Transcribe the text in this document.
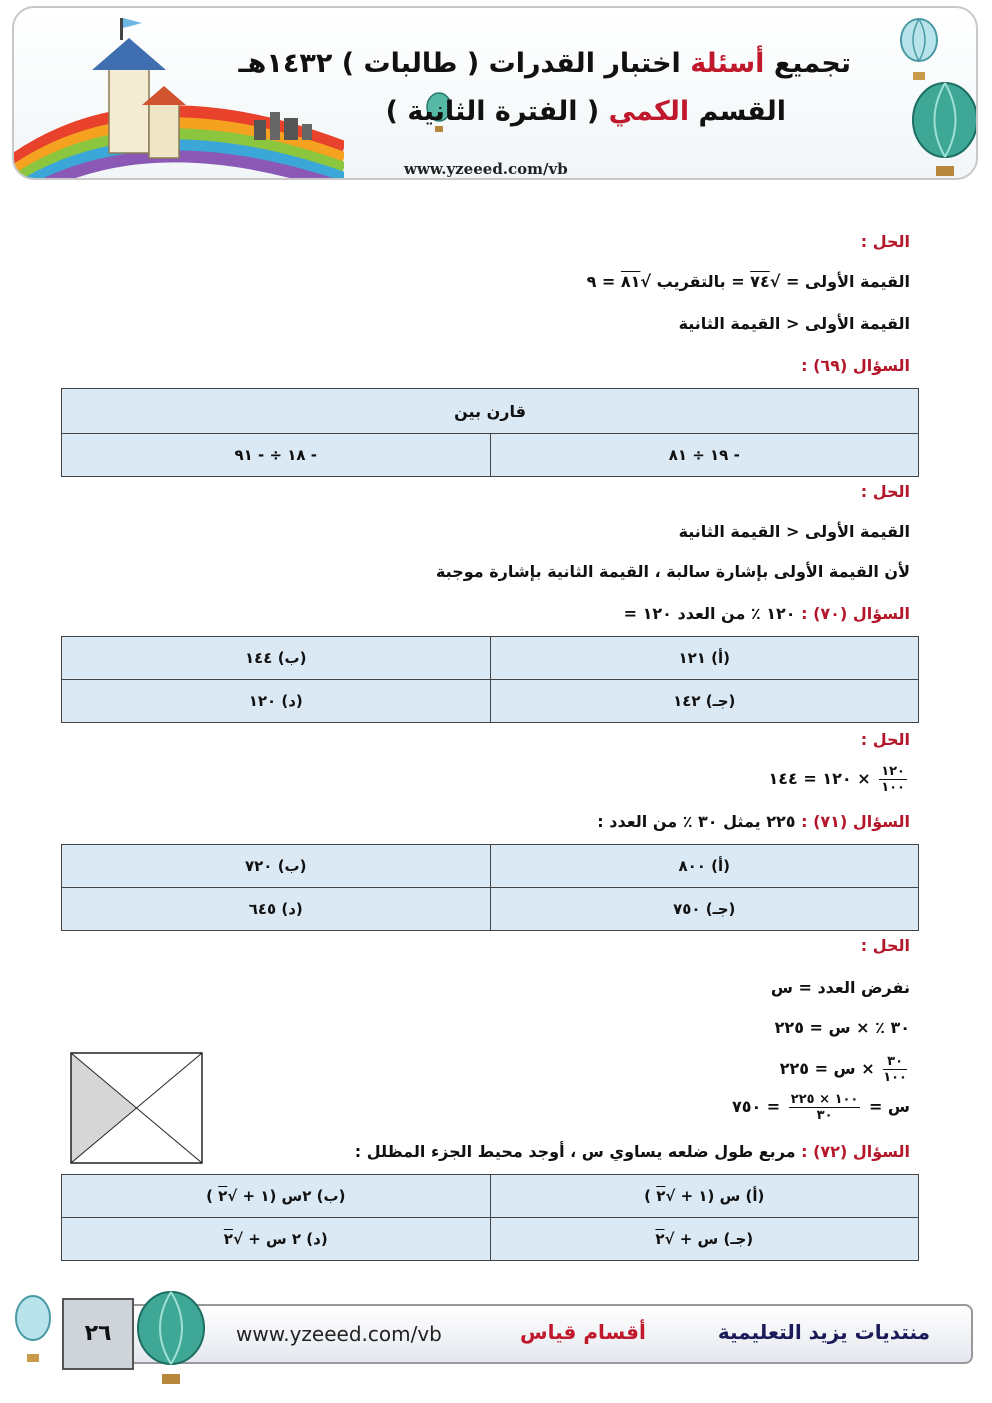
تجميع أسئلة اختبار القدرات ( طالبات ) ١٤٣٢هـ
القسم الكمي ( الفترة الثانية )
www.yzeeed.com/vb
الحل :
القيمة الأولى = √٧٤ = بالتقريب √٨١ = ٩
القيمة الأولى < القيمة الثانية
السؤال (٦٩) :
قارن بين
- ١٩ ÷ ٨١	- ١٨ ÷ - ٩١
الحل :
القيمة الأولى < القيمة الثانية
لأن القيمة الأولى بإشارة سالبة ، القيمة الثانية بإشارة موجبة
السؤال (٧٠) : ١٢٠ ٪ من العدد ١٢٠ =
(أ) ١٢١	(ب) ١٤٤
(جـ) ١٤٢	(د) ١٢٠
الحل :
$\frac{١٢٠}{١٠٠}$
× ١٢٠ = ١٤٤
السؤال (٧١) : ٢٢٥ يمثل ٣٠ ٪ من العدد :
(أ) ٨٠٠	(ب) ٧٢٠
(جـ) ٧٥٠	(د) ٦٤٥
الحل :
نفرض العدد = س
٣٠ ٪ × س = ٢٢٥
$\frac{٣٠}{١٠٠}$
× س = ٢٢٥
س =
$\frac{١٠٠ \times ٢٢٥}{٣٠}$
= ٧٥٠
السؤال (٧٢) : مربع طول ضلعه يساوي س ، أوجد محيط الجزء المظلل :
(أ) س (١ + √٢ )	(ب) ٢س (١ + √٢ )
(جـ) س + √٢	(د) ٢ س + √٢
٢٦	www.yzeeed.com/vb	أقسام قياس	منتديات يزيد التعليمية
